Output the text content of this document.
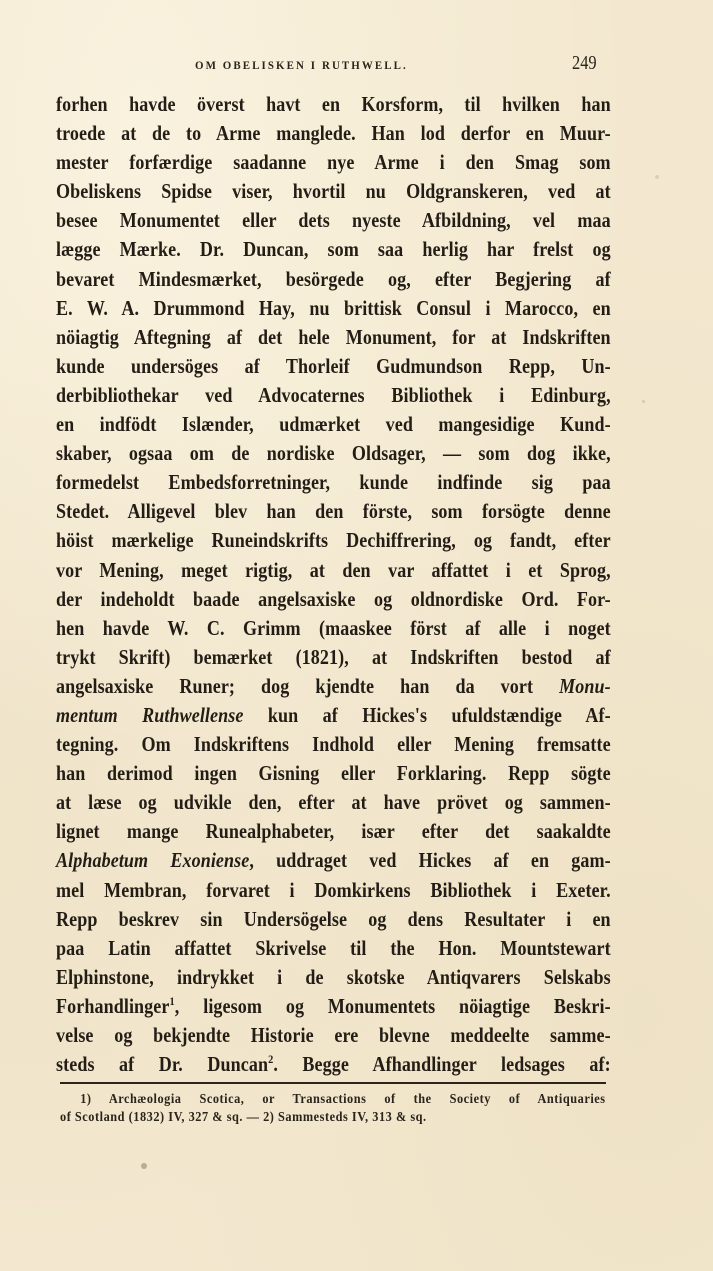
OM OBELISKEN I RUTHWELL.	249
forhen havde överst havt en Korsform, til hvilken han
troede at de to Arme manglede. Han lod derfor en Muur-
mester forfærdige saadanne nye Arme i den Smag som
Obeliskens Spidse viser, hvortil nu Oldgranskeren, ved at
besee Monumentet eller dets nyeste Afbildning, vel maa
lægge Mærke. Dr. Duncan, som saa herlig har frelst og
bevaret Mindesmærket, besörgede og, efter Begjering af
E. W. A. Drummond Hay, nu brittisk Consul i Marocco, en
nöiagtig Aftegning af det hele Monument, for at Indskriften
kunde undersöges af Thorleif Gudmundson Repp, Un-
derbibliothekar ved Advocaternes Bibliothek i Edinburg,
en indfödt Islænder, udmærket ved mangesidige Kund-
skaber, ogsaa om de nordiske Oldsager, — som dog ikke,
formedelst Embedsforretninger, kunde indfinde sig paa
Stedet. Alligevel blev han den förste, som forsögte denne
höist mærkelige Runeindskrifts Dechiffrering, og fandt, efter
vor Mening, meget rigtig, at den var affattet i et Sprog,
der indeholdt baade angelsaxiske og oldnordiske Ord. For-
hen havde W. C. Grimm (maaskee först af alle i noget
trykt Skrift) bemærket (1821), at Indskriften bestod af
angelsaxiske Runer; dog kjendte han da vort Monu-
mentum Ruthwellense kun af Hickes's ufuldstændige Af-
tegning. Om Indskriftens Indhold eller Mening fremsatte
han derimod ingen Gisning eller Forklaring. Repp sögte
at læse og udvikle den, efter at have prövet og sammen-
lignet mange Runealphabeter, især efter det saakaldte
Alphabetum Exoniense, uddraget ved Hickes af en gam-
mel Membran, forvaret i Domkirkens Bibliothek i Exeter.
Repp beskrev sin Undersögelse og dens Resultater i en
paa Latin affattet Skrivelse til the Hon. Mountstewart
Elphinstone, indrykket i de skotske Antiqvarers Selskabs
Forhandlinger$^1$, ligesom og Monumentets nöiagtige Beskri-
velse og bekjendte Historie ere blevne meddeelte samme-
steds af Dr. Duncan$^2$. Begge Afhandlinger ledsages af:
1) Archæologia Scotica, or Transactions of the Society of Antiquaries
of Scotland (1832) IV, 327 & sq. — 2) Sammesteds IV, 313 & sq.
